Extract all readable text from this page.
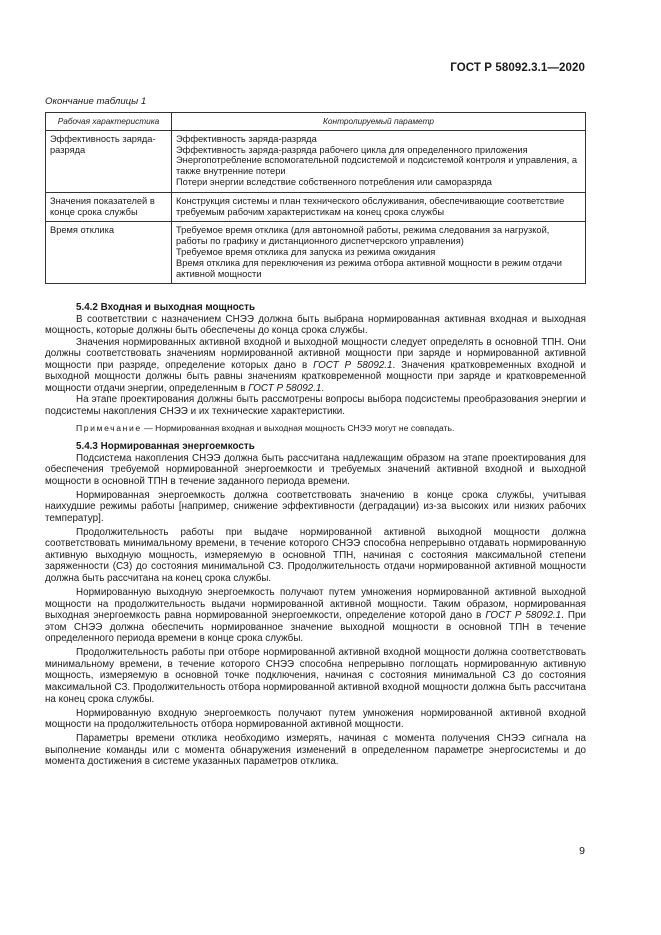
ГОСТ Р 58092.3.1—2020
Окончание таблицы 1
Рабочая характеристика	Контролируемый параметр
Эффективность заряда-разряда	Эффективность заряда-разряда
Эффективность заряда-разряда рабочего цикла для определенного приложения
Энергопотребление вспомогательной подсистемой и подсистемой контроля и управления, а также внутренние потери
Потери энергии вследствие собственного потребления или саморазряда

Значения показателей в конце срока службы	Конструкция системы и план технического обслуживания, обеспечивающие соответствие требуемым рабочим характеристикам на конец срока службы

Время отклика	Требуемое время отклика (для автономной работы, режима следования за нагрузкой, работы по графику и дистанционного диспетчерского управления)
Требуемое время отклика для запуска из режима ожидания
Время отклика для переключения из режима отбора активной мощности в режим отдачи активной мощности

5.4.2 Входная и выходная мощность

В соответствии с назначением СНЭЭ должна быть выбрана нормированная активная входная и выходная мощность, которые должны быть обеспечены до конца срока службы.

Значения нормированных активной входной и выходной мощности следует определять в основной ТПН. Они должны соответствовать значениям нормированной активной мощности при заряде и нормированной активной мощности при разряде, определение которых дано в ГОСТ Р 58092.1. Значения кратковременных входной и выходной мощности должны быть равны значениям кратковременной мощности при заряде и кратковременной мощности отдачи энергии, определенным в ГОСТ Р 58092.1.

На этапе проектирования должны быть рассмотрены вопросы выбора подсистемы преобразования энергии и подсистемы накопления СНЭЭ и их технические характеристики.

Примечание — Нормированная входная и выходная мощность СНЭЭ могут не совпадать.

5.4.3 Нормированная энергоемкость

Подсистема накопления СНЭЭ должна быть рассчитана надлежащим образом на этапе проектирования для обеспечения требуемой нормированной энергоемкости и требуемых значений активной входной и выходной мощности в основной ТПН в течение заданного периода времени.

Нормированная энергоемкость должна соответствовать значению в конце срока службы, учитывая наихудшие режимы работы [например, снижение эффективности (деградации) из-за высоких или низких рабочих температур].

Продолжительность работы при выдаче нормированной активной выходной мощности должна соответствовать минимальному времени, в течение которого СНЭЭ способна непрерывно отдавать нормированную активную выходную мощность, измеряемую в основной ТПН, начиная с состояния максимальной степени заряженности (СЗ) до состояния минимальной СЗ. Продолжительность отдачи нормированной активной мощности должна быть рассчитана на конец срока службы.

Нормированную выходную энергоемкость получают путем умножения нормированной активной выходной мощности на продолжительность выдачи нормированной активной мощности. Таким образом, нормированная выходная энергоемкость равна нормированной энергоемкости, определение которой дано в ГОСТ Р 58092.1. При этом СНЭЭ должна обеспечить нормированное значение выходной мощности в основной ТПН в течение определенного периода времени в конце срока службы.

Продолжительность работы при отборе нормированной активной входной мощности должна соответствовать минимальному времени, в течение которого СНЭЭ способна непрерывно поглощать нормированную активную мощность, измеряемую в основной точке подключения, начиная с состояния минимальной СЗ до состояния максимальной СЗ. Продолжительность отбора нормированной активной входной мощности должна быть рассчитана на конец срока службы.

Нормированную входную энергоемкость получают путем умножения нормированной активной входной мощности на продолжительность отбора нормированной активной мощности.

Параметры времени отклика необходимо измерять, начиная с момента получения СНЭЭ сигнала на выполнение команды или с момента обнаружения изменений в определенном параметре энергосистемы и до момента достижения в системе указанных параметров отклика.

9
